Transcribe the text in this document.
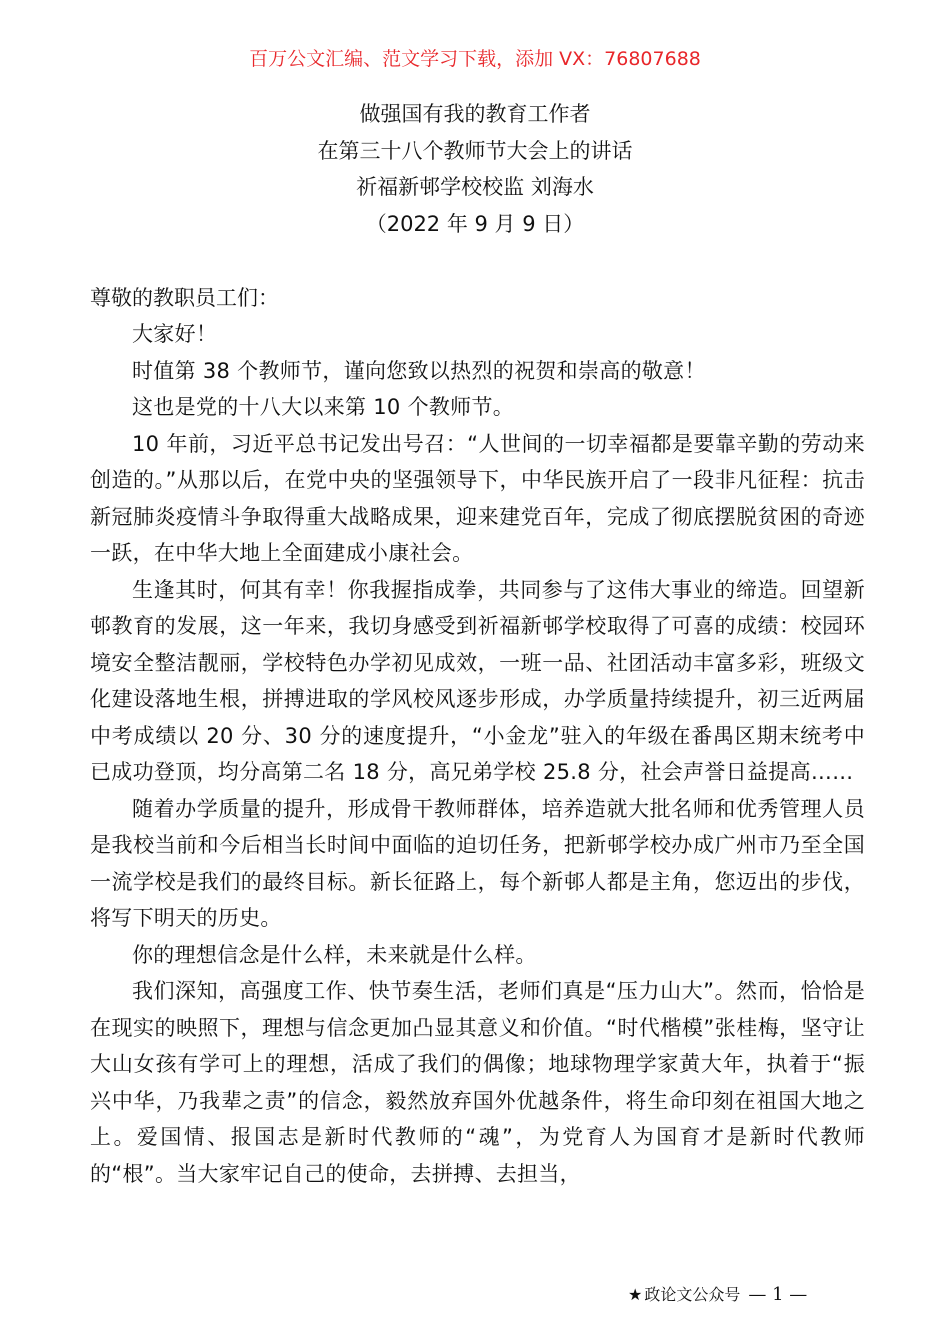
百万公文汇编、范文学习下载，添加 VX：76807688
做强国有我的教育工作者
在第三十八个教师节大会上的讲话
祈福新邨学校校监 刘海水
（2022 年 9 月 9 日）
尊敬的教职员工们：

大家好！

时值第 38 个教师节，谨向您致以热烈的祝贺和崇高的敬意！

这也是党的十八大以来第 10 个教师节。

10 年前，习近平总书记发出号召：“人世间的一切幸福都是要靠辛勤的劳动来创造的。”从那以后，在党中央的坚强领导下，中华民族开启了一段非凡征程：抗击新冠肺炎疫情斗争取得重大战略成果，迎来建党百年，完成了彻底摆脱贫困的奇迹一跃，在中华大地上全面建成小康社会。

生逢其时，何其有幸！你我握指成拳，共同参与了这伟大事业的缔造。回望新邨教育的发展，这一年来，我切身感受到祈福新邨学校取得了可喜的成绩：校园环境安全整洁靓丽，学校特色办学初见成效，一班一品、社团活动丰富多彩，班级文化建设落地生根，拼搏进取的学风校风逐步形成，办学质量持续提升，初三近两届中考成绩以 20 分、30 分的速度提升，“小金龙”驻入的年级在番禺区期末统考中已成功登顶，均分高第二名 18 分，高兄弟学校 25.8 分，社会声誉日益提高……

随着办学质量的提升，形成骨干教师群体，培养造就大批名师和优秀管理人员是我校当前和今后相当长时间中面临的迫切任务，把新邨学校办成广州市乃至全国一流学校是我们的最终目标。新长征路上，每个新邨人都是主角，您迈出的步伐，将写下明天的历史。

你的理想信念是什么样，未来就是什么样。

我们深知，高强度工作、快节奏生活，老师们真是“压力山大”。然而，恰恰是在现实的映照下，理想与信念更加凸显其意义和价值。“时代楷模”张桂梅，坚守让大山女孩有学可上的理想，活成了我们的偶像；地球物理学家黄大年，执着于“振兴中华，乃我辈之责”的信念，毅然放弃国外优越条件，将生命印刻在祖国大地之上。爱国情、报国志是新时代教师的“魂”，为党育人为国育才是新时代教师的“根”。当大家牢记自己的使命，去拼搏、去担当，

★ 政论文公众号 — 1 —
